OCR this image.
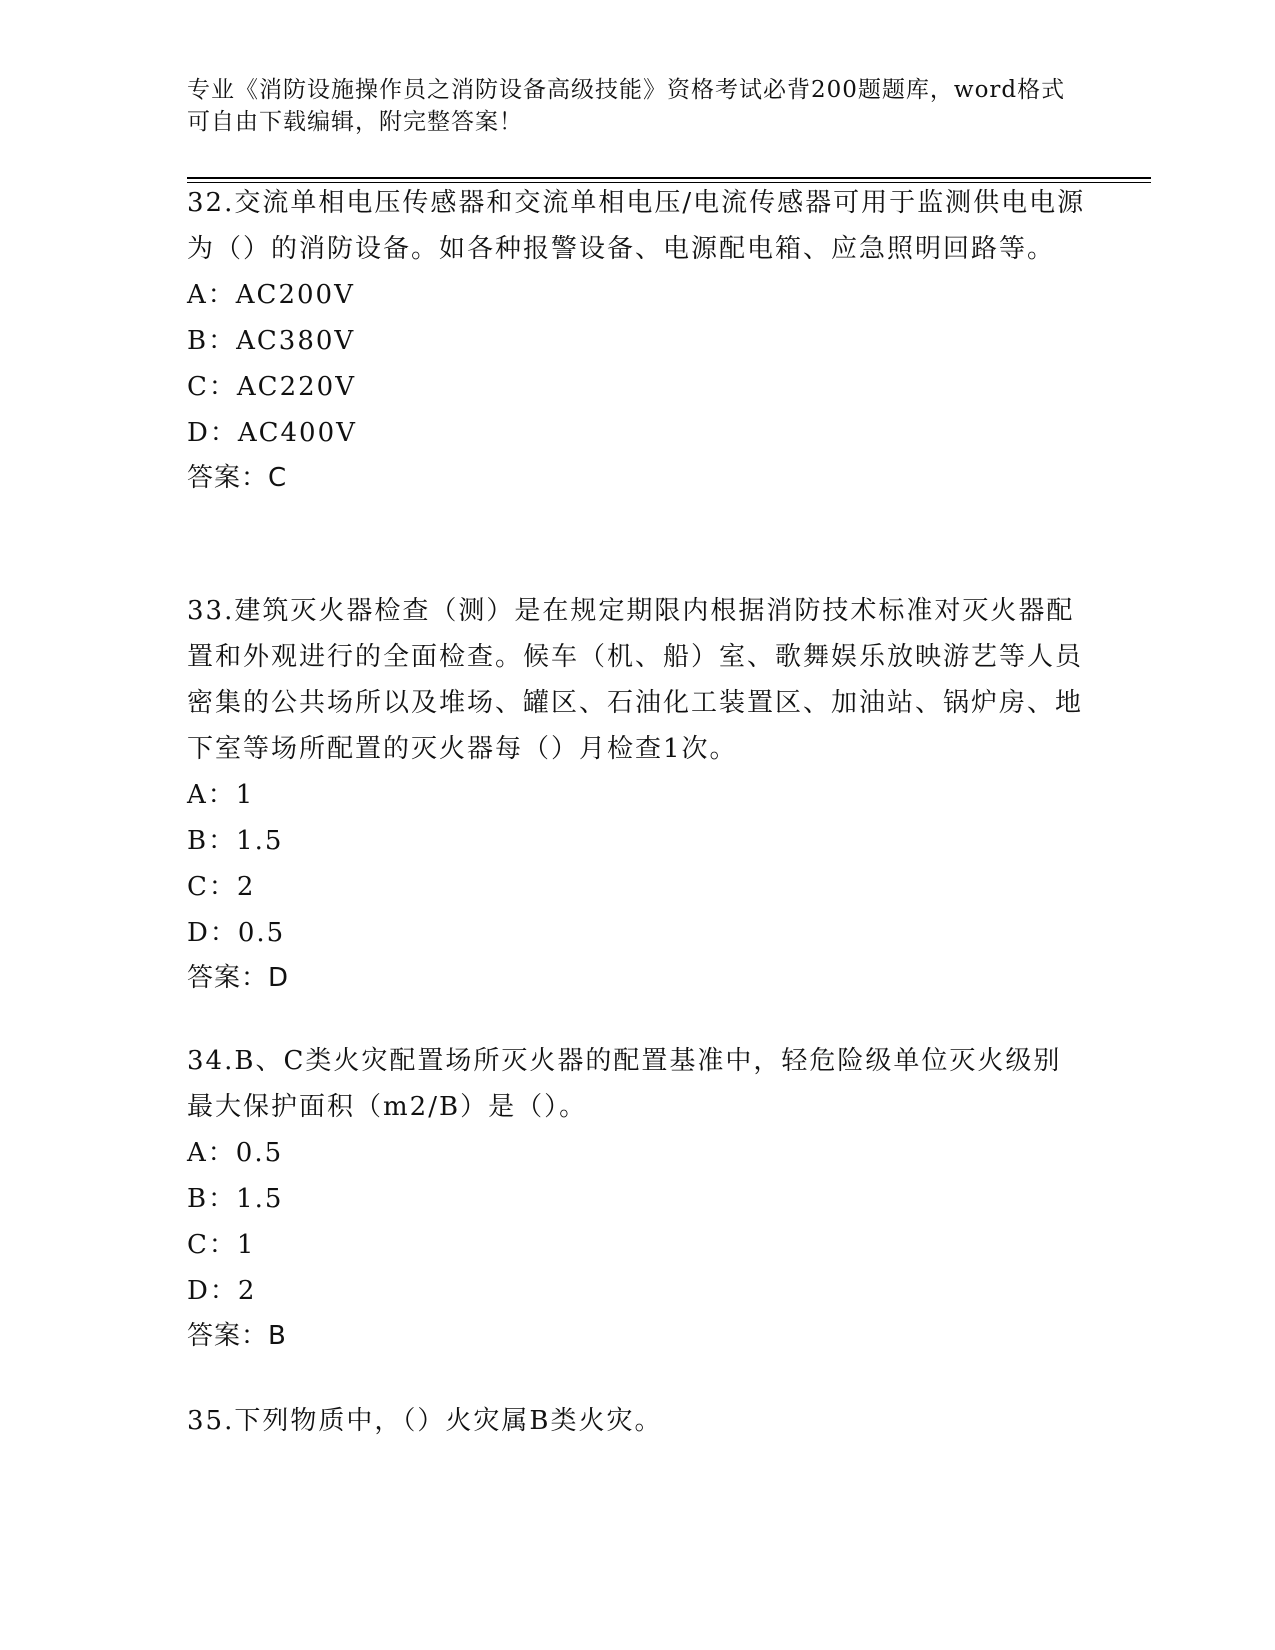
专业《消防设施操作员之消防设备高级技能》资格考试必背200题题库，word格式可自由下载编辑，附完整答案！
32.交流单相电压传感器和交流单相电压/电流传感器可用于监测供电电源为（）的消防设备。如各种报警设备、电源配电箱、应急照明回路等。
A：AC200V
B：AC380V
C：AC220V
D：AC400V
答案：C
33.建筑灭火器检查（测）是在规定期限内根据消防技术标准对灭火器配置和外观进行的全面检查。候车（机、船）室、歌舞娱乐放映游艺等人员密集的公共场所以及堆场、罐区、石油化工装置区、加油站、锅炉房、地下室等场所配置的灭火器每（）月检查1次。
A：1
B：1.5
C：2
D：0.5
答案：D
34.B、C类火灾配置场所灭火器的配置基准中，轻危险级单位灭火级别最大保护面积（m2/B）是（）。
A：0.5
B：1.5
C：1
D：2
答案：B
35.下列物质中，（）火灾属B类火灾。
